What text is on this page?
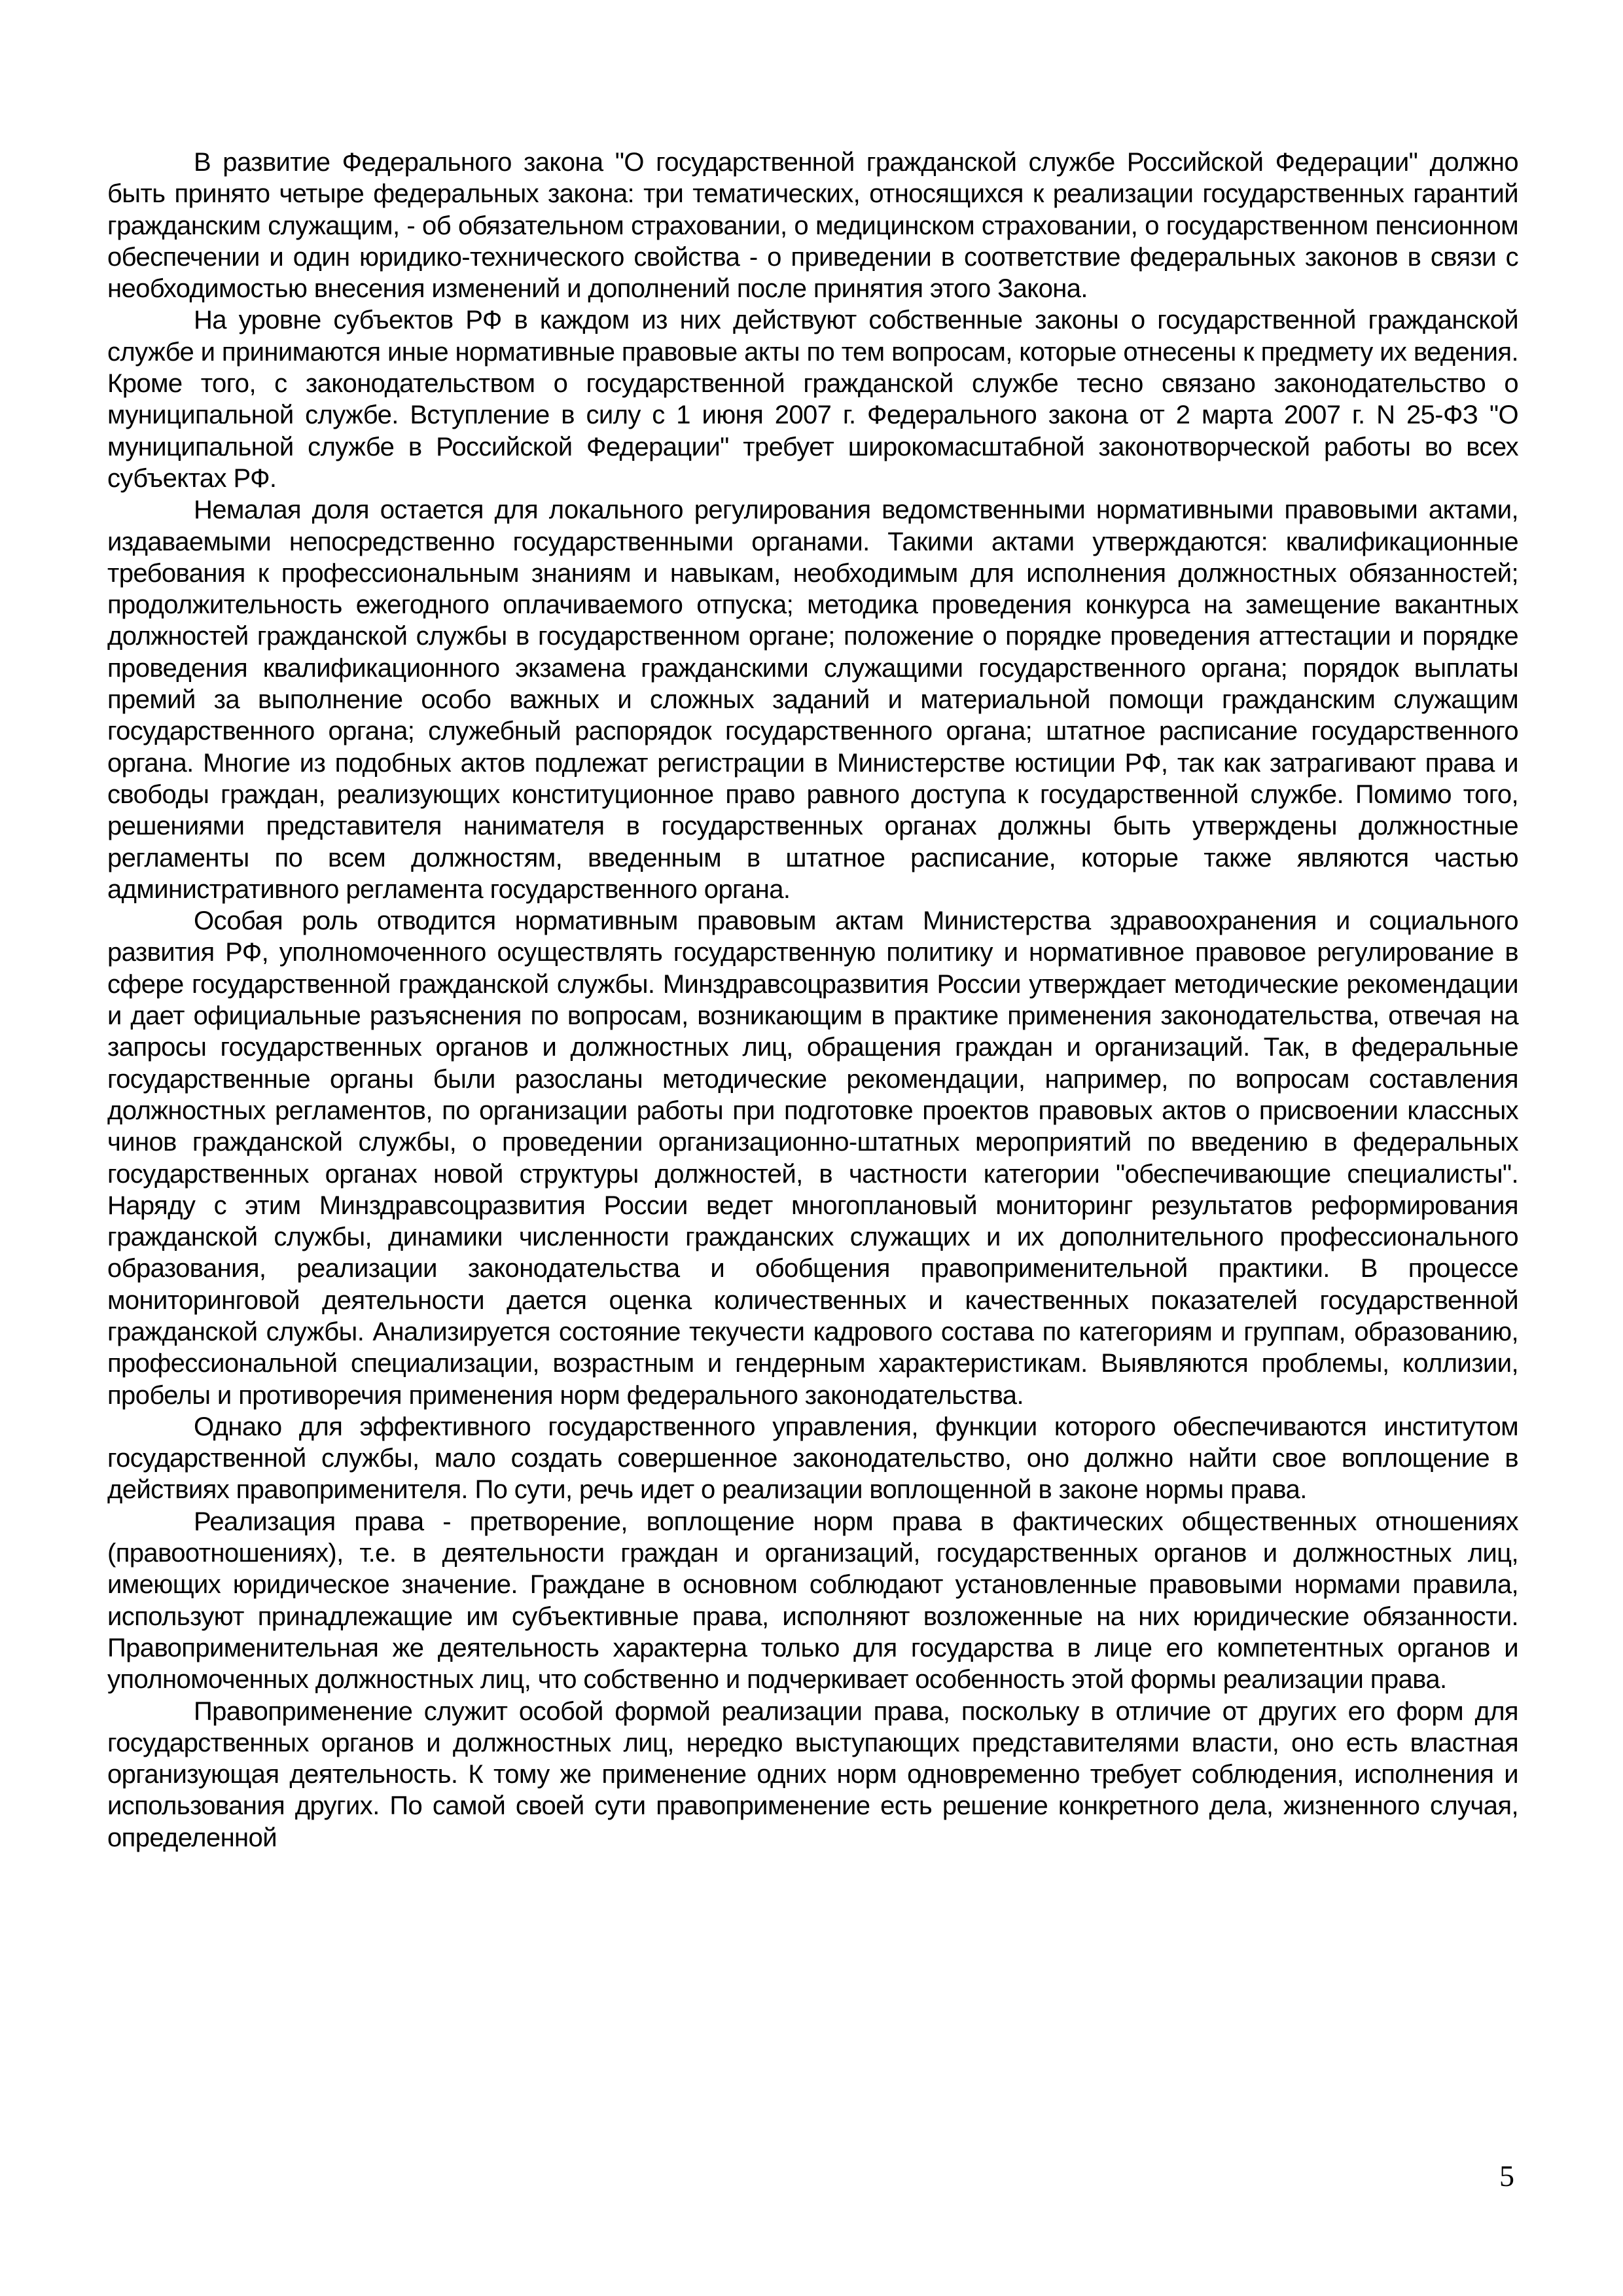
В развитие Федерального закона "О государственной гражданской службе Российской Федерации" должно быть принято четыре федеральных закона: три тематических, относящихся к реализации государственных гарантий гражданским служащим, - об обязательном страховании, о медицинском страховании, о государственном пенсионном обеспечении и один юридико-технического свойства - о приведении в соответствие федеральных законов в связи с необходимостью внесения изменений и дополнений после принятия этого Закона.

На уровне субъектов РФ в каждом из них действуют собственные законы о государственной гражданской службе и принимаются иные нормативные правовые акты по тем вопросам, которые отнесены к предмету их ведения. Кроме того, с законодательством о государственной гражданской службе тесно связано законодательство о муниципальной службе. Вступление в силу с 1 июня 2007 г. Федерального закона от 2 марта 2007 г. N 25-ФЗ "О муниципальной службе в Российской Федерации" требует широкомасштабной законотворческой работы во всех субъектах РФ.

Немалая доля остается для локального регулирования ведомственными нормативными правовыми актами, издаваемыми непосредственно государственными органами. Такими актами утверждаются: квалификационные требования к профессиональным знаниям и навыкам, необходимым для исполнения должностных обязанностей; продолжительность ежегодного оплачиваемого отпуска; методика проведения конкурса на замещение вакантных должностей гражданской службы в государственном органе; положение о порядке проведения аттестации и порядке проведения квалификационного экзамена гражданскими служащими государственного органа; порядок выплаты премий за выполнение особо важных и сложных заданий и материальной помощи гражданским служащим государственного органа; служебный распорядок государственного органа; штатное расписание государственного органа. Многие из подобных актов подлежат регистрации в Министерстве юстиции РФ, так как затрагивают права и свободы граждан, реализующих конституционное право равного доступа к государственной службе. Помимо того, решениями представителя нанимателя в государственных органах должны быть утверждены должностные регламенты по всем должностям, введенным в штатное расписание, которые также являются частью административного регламента государственного органа.

Особая роль отводится нормативным правовым актам Министерства здравоохранения и социального развития РФ, уполномоченного осуществлять государственную политику и нормативное правовое регулирование в сфере государственной гражданской службы. Минздравсоцразвития России утверждает методические рекомендации и дает официальные разъяснения по вопросам, возникающим в практике применения законодательства, отвечая на запросы государственных органов и должностных лиц, обращения граждан и организаций. Так, в федеральные государственные органы были разосланы методические рекомендации, например, по вопросам составления должностных регламентов, по организации работы при подготовке проектов правовых актов о присвоении классных чинов гражданской службы, о проведении организационно-штатных мероприятий по введению в федеральных государственных органах новой структуры должностей, в частности категории "обеспечивающие специалисты". Наряду с этим Минздравсоцразвития России ведет многоплановый мониторинг результатов реформирования гражданской службы, динамики численности гражданских служащих и их дополнительного профессионального образования, реализации законодательства и обобщения правоприменительной практики. В процессе мониторинговой деятельности дается оценка количественных и качественных показателей государственной гражданской службы. Анализируется состояние текучести кадрового состава по категориям и группам, образованию, профессиональной специализации, возрастным и гендерным характеристикам. Выявляются проблемы, коллизии, пробелы и противоречия применения норм федерального законодательства.

Однако для эффективного государственного управления, функции которого обеспечиваются институтом государственной службы, мало создать совершенное законодательство, оно должно найти свое воплощение в действиях правоприменителя. По сути, речь идет о реализации воплощенной в законе нормы права.

Реализация права - претворение, воплощение норм права в фактических общественных отношениях (правоотношениях), т.е. в деятельности граждан и организаций, государственных органов и должностных лиц, имеющих юридическое значение. Граждане в основном соблюдают установленные правовыми нормами правила, используют принадлежащие им субъективные права, исполняют возложенные на них юридические обязанности. Правоприменительная же деятельность характерна только для государства в лице его компетентных органов и уполномоченных должностных лиц, что собственно и подчеркивает особенность этой формы реализации права.

Правоприменение служит особой формой реализации права, поскольку в отличие от других его форм для государственных органов и должностных лиц, нередко выступающих представителями власти, оно есть властная организующая деятельность. К тому же применение одних норм одновременно требует соблюдения, исполнения и использования других. По самой своей сути правоприменение есть решение конкретного дела, жизненного случая, определенной

5
